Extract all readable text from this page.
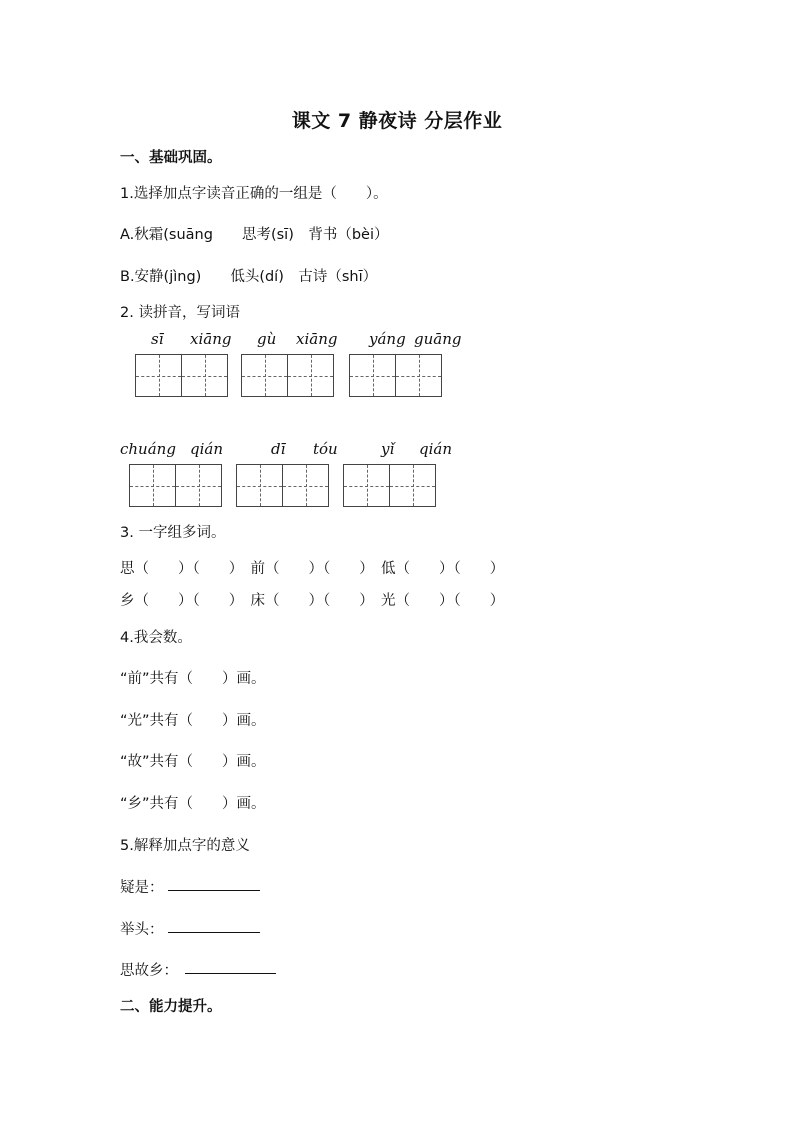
课文 7 静夜诗 分层作业
一、基础巩固。
1.选择加点字读音正确的一组是（　　）。
A.秋霜(suāng　　思考(sī)　背书（bèi）
B.安静(jìng)　　低头(dí)　古诗（shī）
2. 读拼音，写词语
sī xiāng gù xiāng yáng guāng
chuáng qián	dī tóu	yǐ qián
3. 一字组多词。
思（　　）（　　）　前（　　）（　　）　低（　　）（　　）
乡（　　）（　　）　床（　　）（　　）　光（　　）（　　）
4.我会数。
“前”共有（　　）画。
“光”共有（　　）画。
“故”共有（　　）画。
“乡”共有（　　）画。
5.解释加点字的意义
疑是：
举头：
思故乡：
二、能力提升。
